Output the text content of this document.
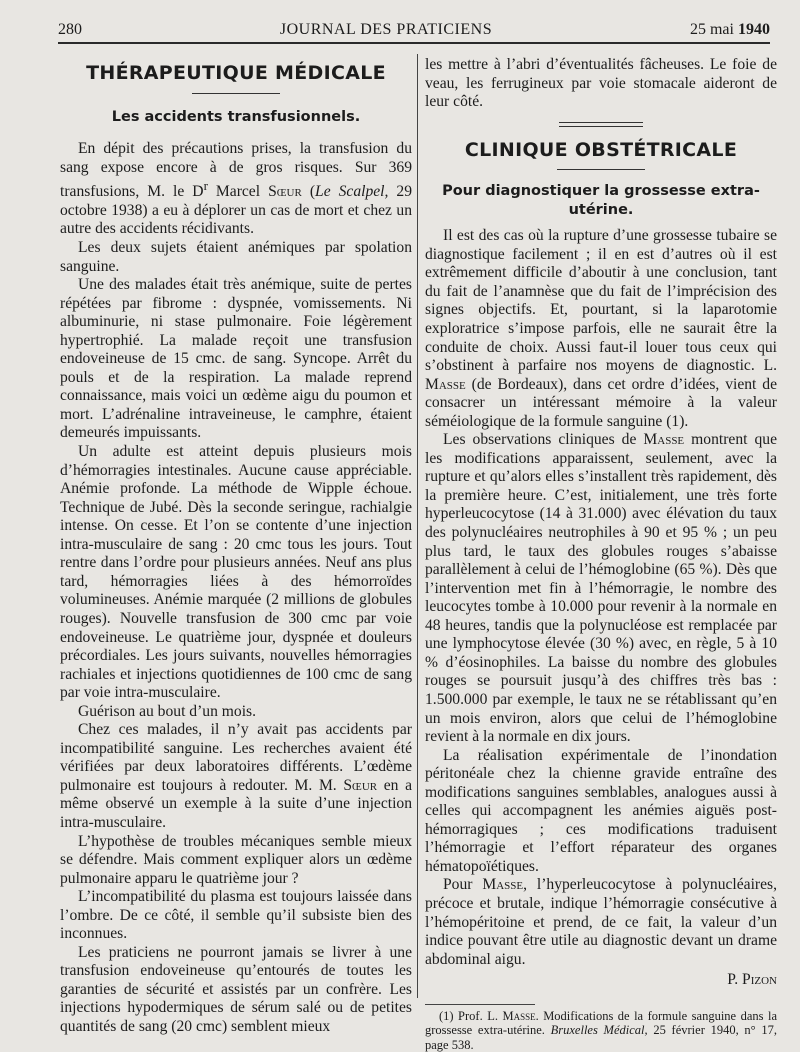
280	JOURNAL DES PRATICIENS	25 mai 1940
THÉRAPEUTIQUE MÉDICALE
Les accidents transfusionnels.

En dépit des précautions prises, la transfusion du sang expose encore à de gros risques. Sur 369 transfusions, M. le $D^r$ Marcel Sœur (Le Scalpel, 29 octobre 1938) a eu à déplorer un cas de mort et chez un autre des accidents récidivants.

Les deux sujets étaient anémiques par spolation sanguine.

Une des malades était très anémique, suite de pertes répétées par fibrome : dyspnée, vomissements. Ni albuminurie, ni stase pulmonaire. Foie légèrement hypertrophié. La malade reçoit une transfusion endoveineuse de 15 cmc. de sang. Syncope. Arrêt du pouls et de la respiration. La malade reprend connaissance, mais voici un œdème aigu du poumon et mort. L’adrénaline intraveineuse, le camphre, étaient demeurés impuissants.

Un adulte est atteint depuis plusieurs mois d’hémorragies intestinales. Aucune cause appréciable. Anémie profonde. La méthode de Wipple échoue. Technique de Jubé. Dès la seconde seringue, rachialgie intense. On cesse. Et l’on se contente d’une injection intra-musculaire de sang : 20 cmc tous les jours. Tout rentre dans l’ordre pour plusieurs années. Neuf ans plus tard, hémorragies liées à des hémorroïdes volumineuses. Anémie marquée (2 millions de globules rouges). Nouvelle transfusion de 300 cmc par voie endoveineuse. Le quatrième jour, dyspnée et douleurs précordiales. Les jours suivants, nouvelles hémorragies rachiales et injections quotidiennes de 100 cmc de sang par voie intra-musculaire.

Guérison au bout d’un mois.

Chez ces malades, il n’y avait pas accidents par incompatibilité sanguine. Les recherches avaient été vérifiées par deux laboratoires différents. L’œdème pulmonaire est toujours à redouter. M. M. Sœur en a même observé un exemple à la suite d’une injection intra-musculaire.

L’hypothèse de troubles mécaniques semble mieux se défendre. Mais comment expliquer alors un œdème pulmonaire apparu le quatrième jour ?

L’incompatibilité du plasma est toujours laissée dans l’ombre. De ce côté, il semble qu’il subsiste bien des inconnues.

Les praticiens ne pourront jamais se livrer à une transfusion endoveineuse qu’entourés de toutes les garanties de sécurité et assistés par un confrère. Les injections hypodermiques de sérum salé ou de petites quantités de sang (20 cmc) semblent mieux

les mettre à l’abri d’éventualités fâcheuses. Le foie de veau, les ferrugineux par voie stomacale aideront de leur côté.

CLINIQUE OBSTÉTRICALE
Pour diagnostiquer la grossesse extra-utérine.

Il est des cas où la rupture d’une grossesse tubaire se diagnostique facilement ; il en est d’autres où il est extrêmement difficile d’aboutir à une conclusion, tant du fait de l’anamnèse que du fait de l’imprécision des signes objectifs. Et, pourtant, si la laparotomie exploratrice s’impose parfois, elle ne saurait être la conduite de choix. Aussi faut-il louer tous ceux qui s’obstinent à parfaire nos moyens de diagnostic. L. Masse (de Bordeaux), dans cet ordre d’idées, vient de consacrer un intéressant mémoire à la valeur séméiologique de la formule sanguine (1).

Les observations cliniques de Masse montrent que les modifications apparaissent, seulement, avec la rupture et qu’alors elles s’installent très rapidement, dès la première heure. C’est, initialement, une très forte hyperleucocytose (14 à 31.000) avec élévation du taux des polynucléaires neutrophiles à 90 et 95 % ; un peu plus tard, le taux des globules rouges s’abaisse parallèlement à celui de l’hémoglobine (65 %). Dès que l’intervention met fin à l’hémorragie, le nombre des leucocytes tombe à 10.000 pour revenir à la normale en 48 heures, tandis que la polynucléose est remplacée par une lymphocytose élevée (30 %) avec, en règle, 5 à 10 % d’éosinophiles. La baisse du nombre des globules rouges se poursuit jusqu’à des chiffres très bas : 1.500.000 par exemple, le taux ne se rétablissant qu’en un mois environ, alors que celui de l’hémoglobine revient à la normale en dix jours.

La réalisation expérimentale de l’inondation péritonéale chez la chienne gravide entraîne des modifications sanguines semblables, analogues aussi à celles qui accompagnent les anémies aiguës post-hémorragiques ; ces modifications traduisent l’hémorragie et l’effort réparateur des organes hématopoïétiques.

Pour Masse, l’hyperleucocytose à polynucléaires, précoce et brutale, indique l’hémorragie consécutive à l’hémopéritoine et prend, de ce fait, la valeur d’un indice pouvant être utile au diagnostic devant un drame abdominal aigu.

P. Pizon

(1) Prof. L. Masse. Modifications de la formule sanguine dans la grossesse extra-utérine. Bruxelles Médical, 25 février 1940, n° 17, page 538.
